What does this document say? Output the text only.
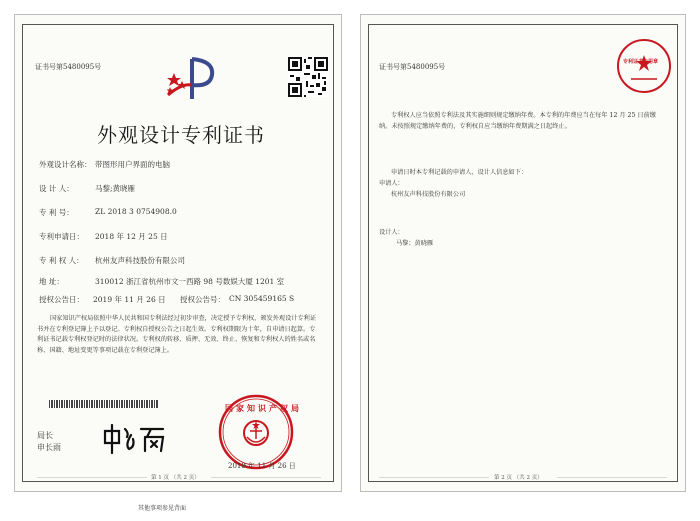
证书号第5480095号
外观设计专利证书
外观设计名称： 带图形用户界面的电脑
设 计 人：	马黎;黄晓雁
专 利 号：	ZL 2018 3 0754908.0
专利申请日： 2018 年 12 月 25 日
专 利 权 人： 杭州友声科技股份有限公司
地 址：	310012 浙江省杭州市文一西路 98 号数娱大厦 1201 室
授权公告日： 2019 年 11 月 26 日 授权公告号： CN 305459165 S
国家知识产权局依照中华人民共和国专利法经过初步审查，决定授予专利权，颁发外观设计专利证书并在专利登记簿上予以登记。专利权自授权公告之日起生效。专利权期限为十年，自申请日起算。专利证书记载专利权登记时的法律状况。专利权的转移、质押、无效、终止、恢复和专利权人的姓名或名称、国籍、地址变更等事项记载在专利登记簿上。
局长
申长雨
国家知识产权局
2019 年 11 月 26 日
第 1 页 （共 2 页）
其他事项参见背面
证书号第5480095号
专利证书专用章
专利权人应当依照专利法及其实施细则规定缴纳年费。本专利的年费应当在每年 12 月 25 日前缴纳。未按照规定缴纳年费的，专利权自应当缴纳年费期满之日起终止。
申请日时本专利记载的申请人、设计人信息如下：
申请人：
杭州友声科技股份有限公司
设计人：
马黎；黄晓雁
第 2 页 （共 2 页）
